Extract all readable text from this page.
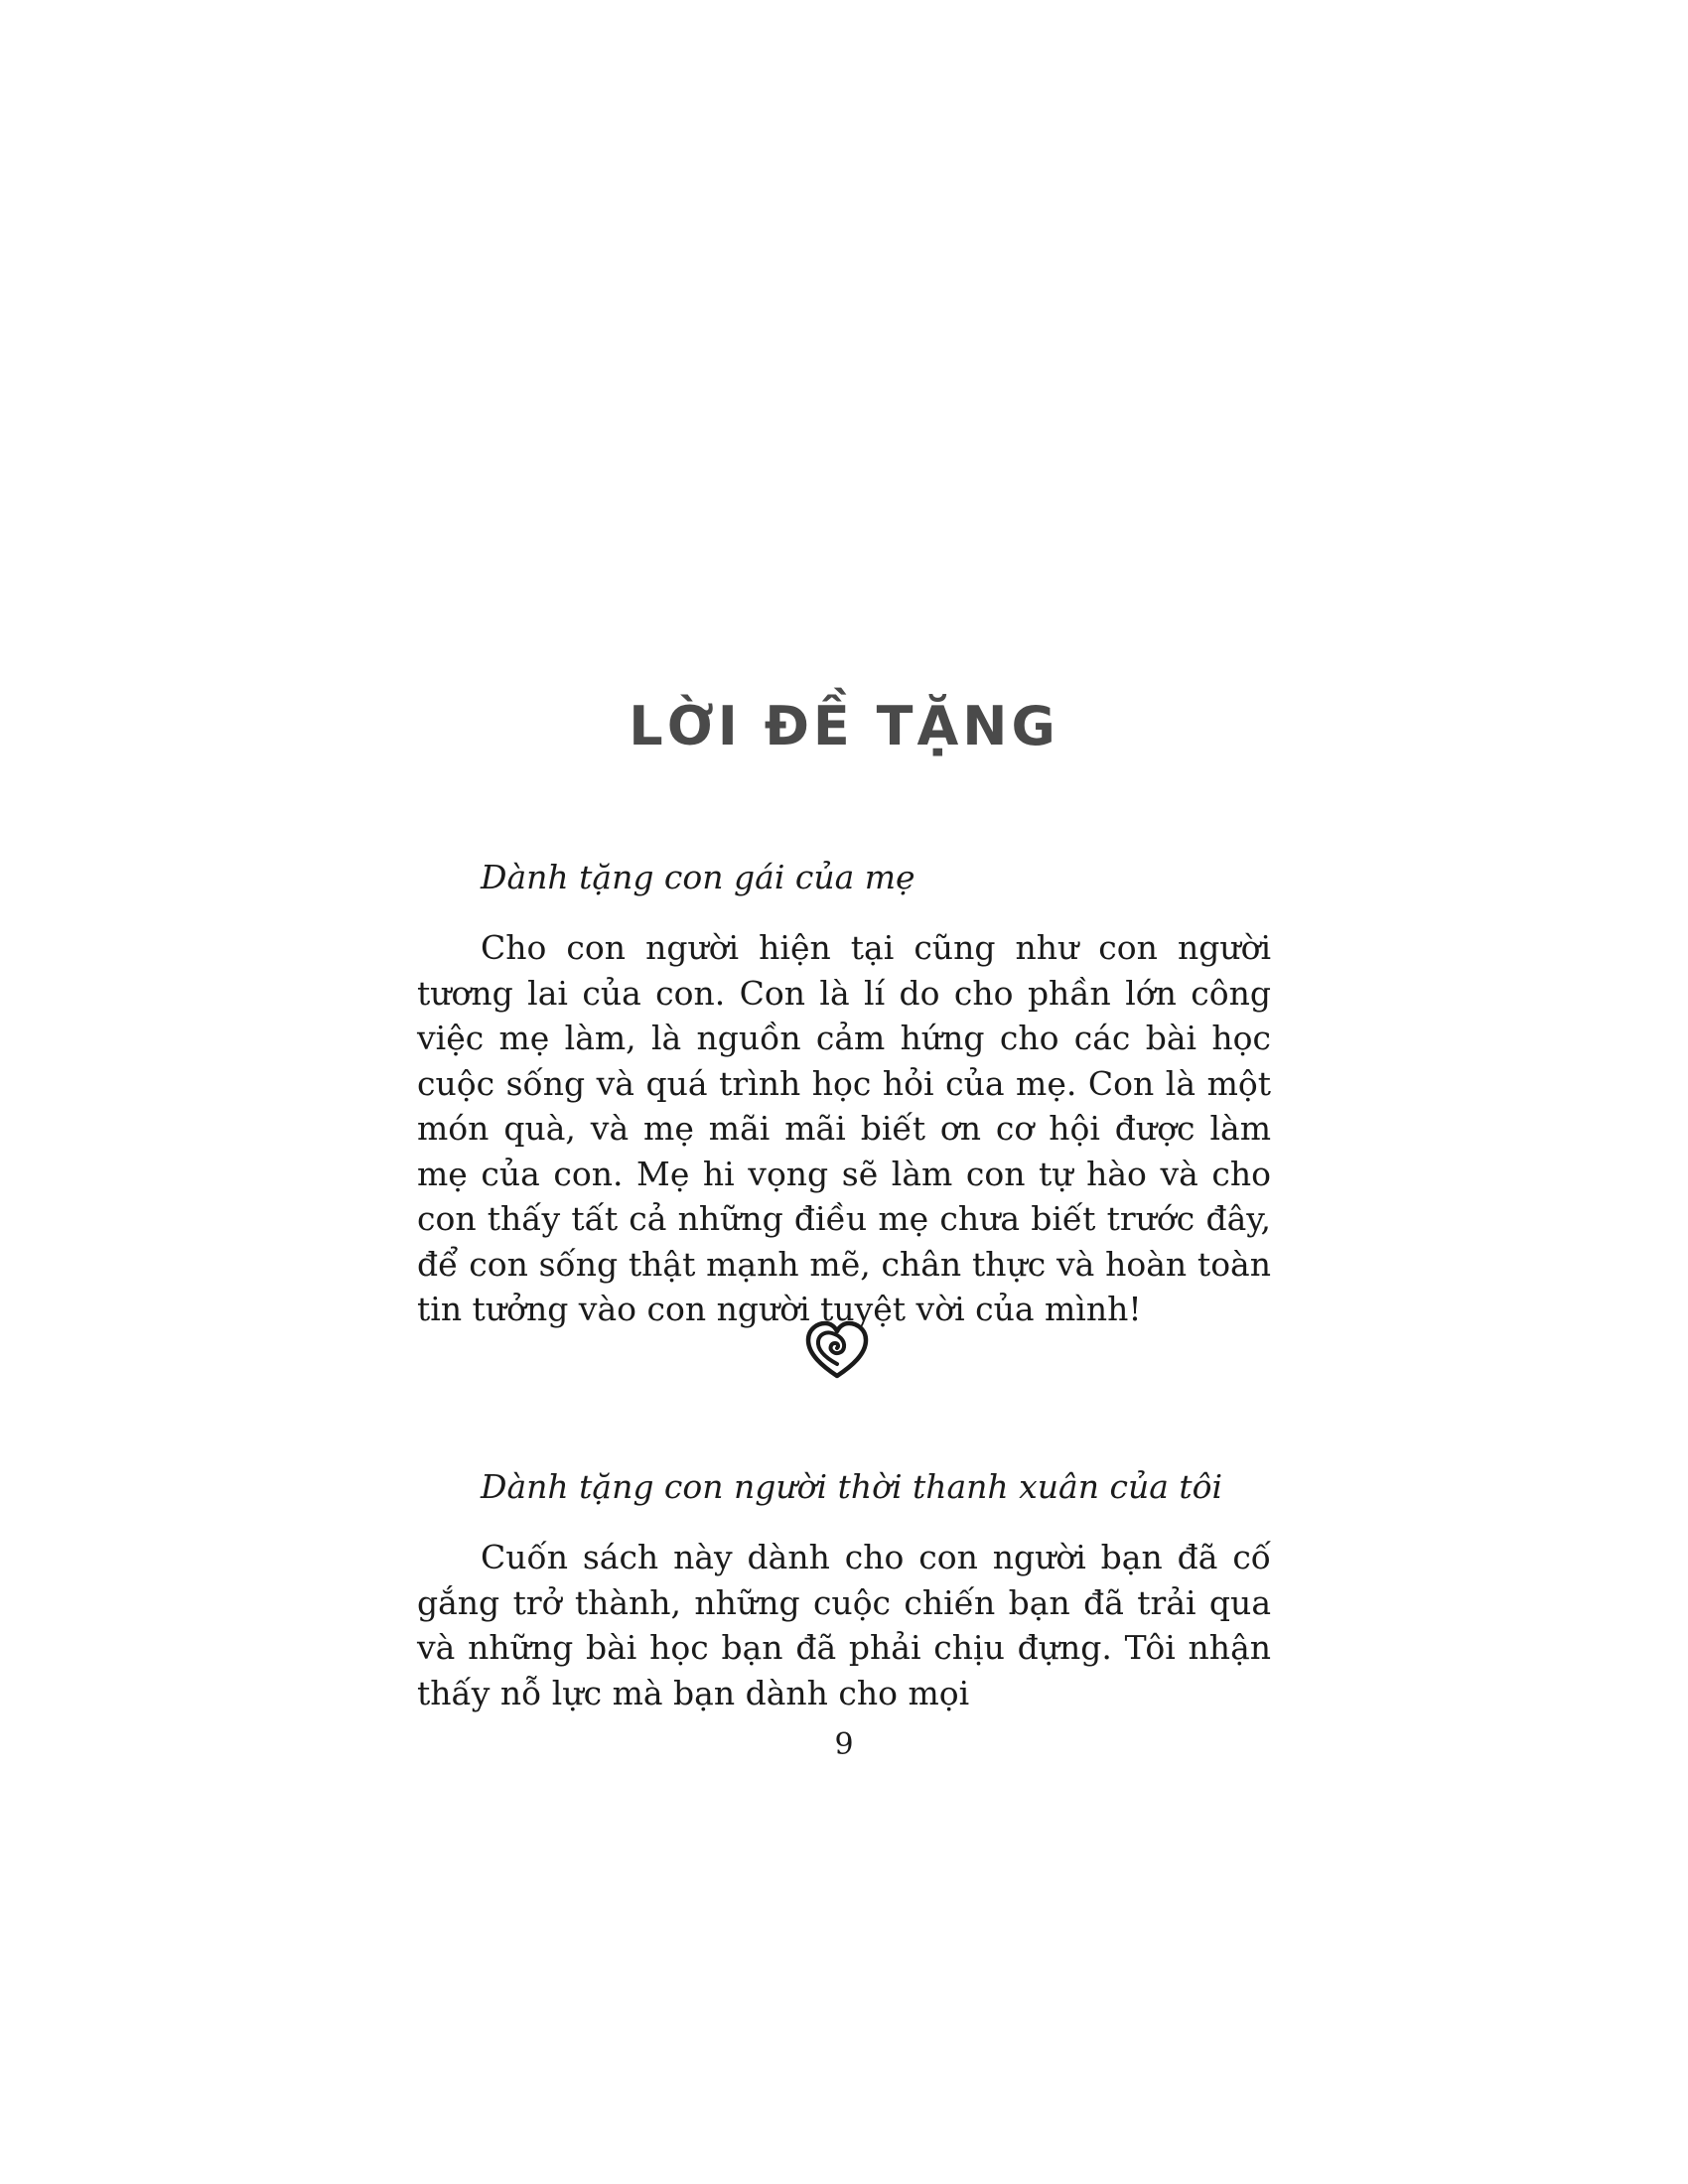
LỜI ĐỀ TẶNG

Dành tặng con gái của mẹ

Cho con người hiện tại cũng như con người tương lai của con. Con là lí do cho phần lớn công việc mẹ làm, là nguồn cảm hứng cho các bài học cuộc sống và quá trình học hỏi của mẹ. Con là một món quà, và mẹ mãi mãi biết ơn cơ hội được làm mẹ của con. Mẹ hi vọng sẽ làm con tự hào và cho con thấy tất cả những điều mẹ chưa biết trước đây, để con sống thật mạnh mẽ, chân thực và hoàn toàn tin tưởng vào con người tuyệt vời của mình!

Dành tặng con người thời thanh xuân của tôi

Cuốn sách này dành cho con người bạn đã cố gắng trở thành, những cuộc chiến bạn đã trải qua và những bài học bạn đã phải chịu đựng. Tôi nhận thấy nỗ lực mà bạn dành cho mọi

9
